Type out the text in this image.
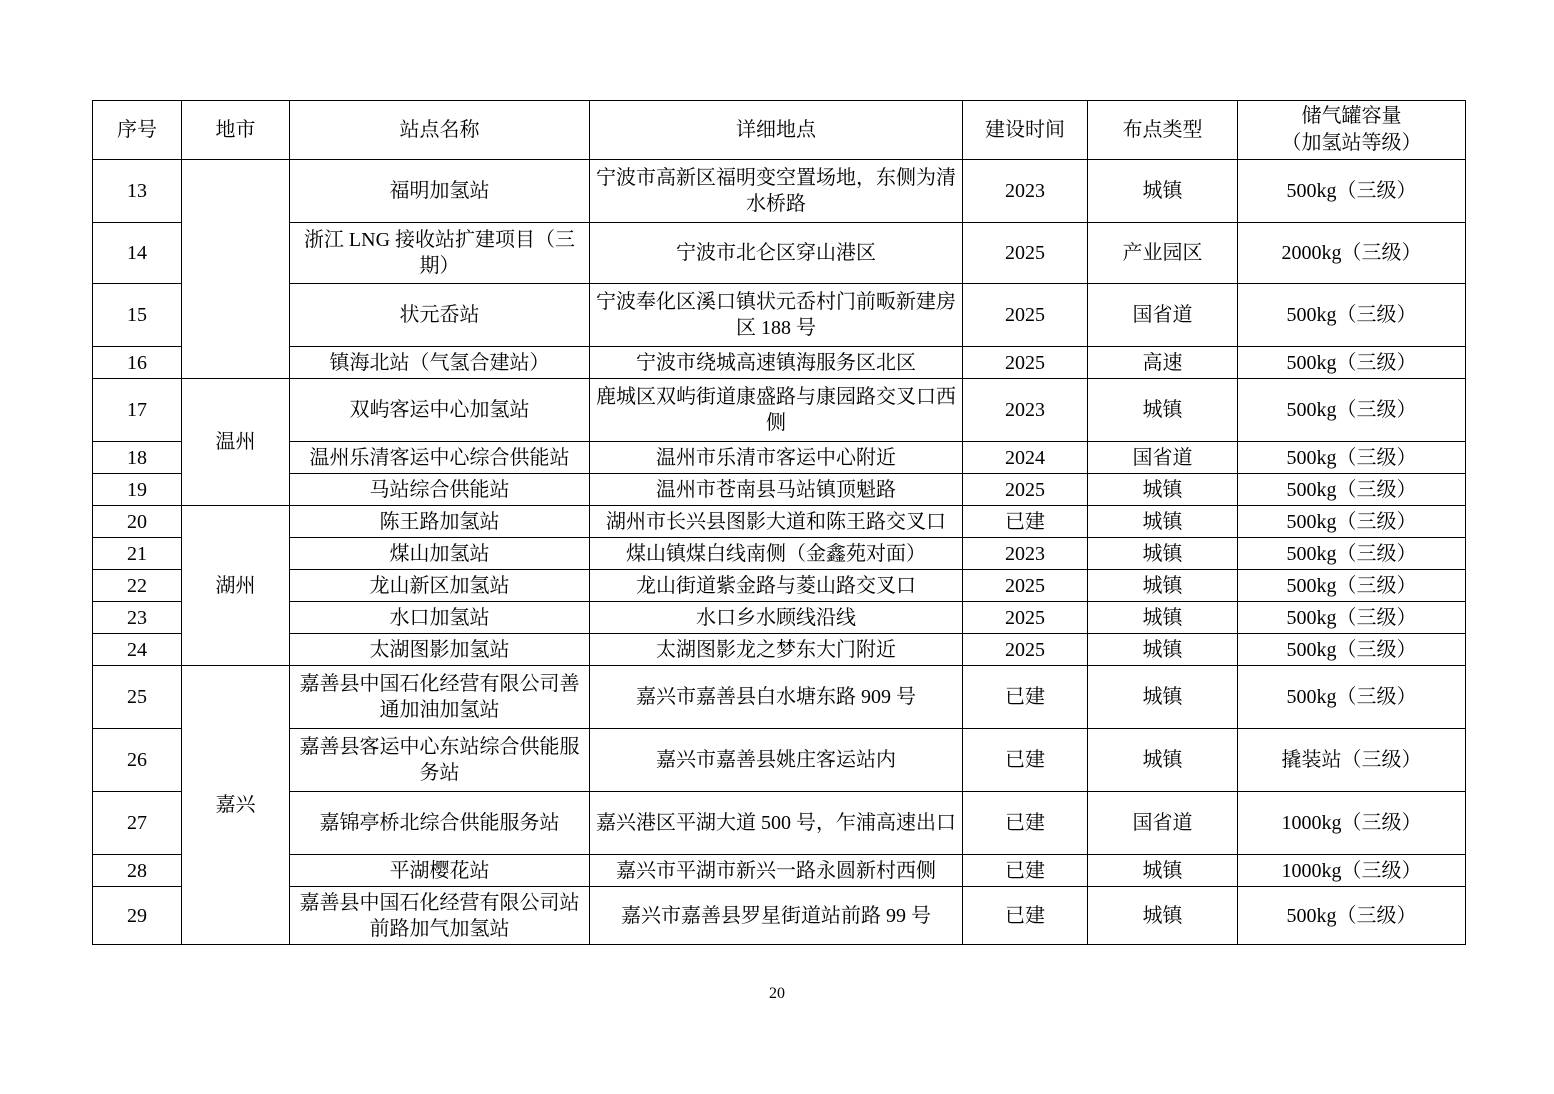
序号	地市	站点名称	详细地点	建设时间	布点类型	储气罐容量
（加氢站等级）
13		福明加氢站	宁波市高新区福明变空置场地，东侧为清水桥路	2023	城镇	500kg（三级）
14		浙江 LNG 接收站扩建项目（三期）	宁波市北仑区穿山港区	2025	产业园区	2000kg（三级）
15		状元岙站	宁波奉化区溪口镇状元岙村门前畈新建房区 188 号	2025	国省道	500kg（三级）
16		镇海北站（气氢合建站）	宁波市绕城高速镇海服务区北区	2025	高速	500kg（三级）
17	温州	双屿客运中心加氢站	鹿城区双屿街道康盛路与康园路交叉口西侧	2023	城镇	500kg（三级）
18		温州乐清客运中心综合供能站	温州市乐清市客运中心附近	2024	国省道	500kg（三级）
19		马站综合供能站	温州市苍南县马站镇顶魁路	2025	城镇	500kg（三级）
20	湖州	陈王路加氢站	湖州市长兴县图影大道和陈王路交叉口	已建	城镇	500kg（三级）
21		煤山加氢站	煤山镇煤白线南侧（金鑫苑对面）	2023	城镇	500kg（三级）
22		龙山新区加氢站	龙山街道紫金路与菱山路交叉口	2025	城镇	500kg（三级）
23		水口加氢站	水口乡水顾线沿线	2025	城镇	500kg（三级）
24		太湖图影加氢站	太湖图影龙之梦东大门附近	2025	城镇	500kg（三级）
25	嘉兴	嘉善县中国石化经营有限公司善通加油加氢站	嘉兴市嘉善县白水塘东路 909 号	已建	城镇	500kg（三级）
26		嘉善县客运中心东站综合供能服务站	嘉兴市嘉善县姚庄客运站内	已建	城镇	撬装站（三级）
27		嘉锦亭桥北综合供能服务站	嘉兴港区平湖大道 500 号，乍浦高速出口	已建	国省道	1000kg（三级）
28		平湖樱花站	嘉兴市平湖市新兴一路永圆新村西侧	已建	城镇	1000kg（三级）
29		嘉善县中国石化经营有限公司站前路加气加氢站	嘉兴市嘉善县罗星街道站前路 99 号	已建	城镇	500kg（三级）
20
